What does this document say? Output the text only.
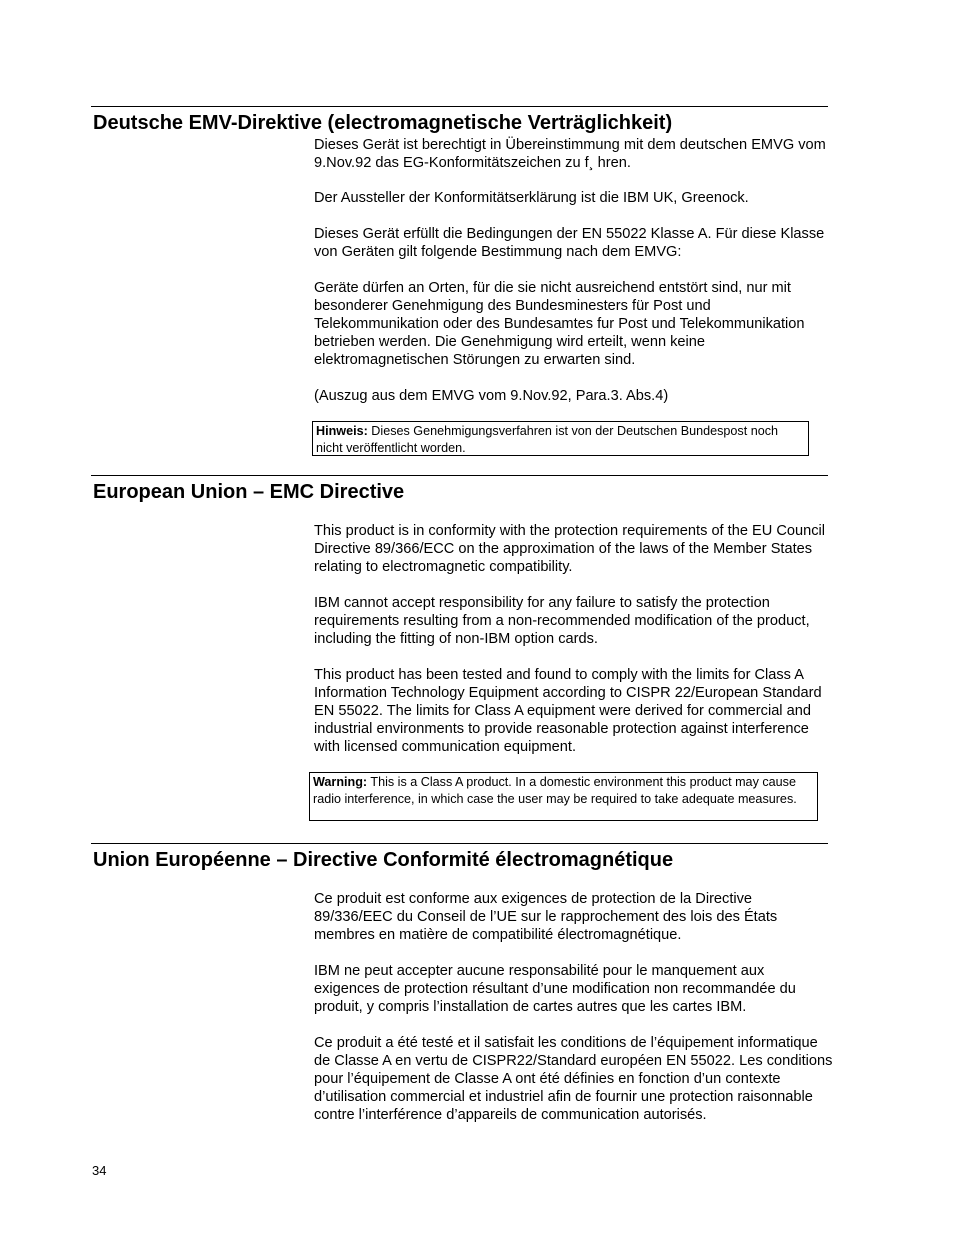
Deutsche EMV-Direktive (electromagnetische Verträglichkeit)

Dieses Gerät ist berechtigt in Übereinstimmung mit dem deutschen EMVG vom 9.Nov.92 das EG-Konformitätszeichen zu f¸ hren.

Der Aussteller der Konformitätserklärung ist die IBM UK, Greenock.

Dieses Gerät erfüllt die Bedingungen der EN 55022 Klasse A. Für diese Klasse von Geräten gilt folgende Bestimmung nach dem EMVG:

Geräte dürfen an Orten, für die sie nicht ausreichend entstört sind, nur mit besonderer Genehmigung des Bundesminesters für Post und Telekommunikation oder des Bundesamtes fur Post und Telekommunikation betrieben werden. Die Genehmigung wird erteilt, wenn keine elektromagnetischen Störungen zu erwarten sind.

(Auszug aus dem EMVG vom 9.Nov.92, Para.3. Abs.4)

Hinweis: Dieses Genehmigungsverfahren ist von der Deutschen Bundespost noch nicht veröffentlicht worden.
European Union – EMC Directive

This product is in conformity with the protection requirements of the EU Council Directive 89/366/ECC on the approximation of the laws of the Member States relating to electromagnetic compatibility.

IBM cannot accept responsibility for any failure to satisfy the protection requirements resulting from a non-recommended modification of the product, including the fitting of non-IBM option cards.

This product has been tested and found to comply with the limits for Class A Information Technology Equipment according to CISPR 22/European Standard EN 55022. The limits for Class A equipment were derived for commercial and industrial environments to provide reasonable protection against interference with licensed communication equipment.

Warning: This is a Class A product. In a domestic environment this product may cause radio interference, in which case the user may be required to take adequate measures.
Union Européenne – Directive Conformité électromagnétique

Ce produit est conforme aux exigences de protection de la Directive 89/336/EEC du Conseil de l’UE sur le rapprochement des lois des États membres en matière de compatibilité électromagnétique.

IBM ne peut accepter aucune responsabilité pour le manquement aux exigences de protection résultant d’une modification non recommandée du produit, y compris l’installation de cartes autres que les cartes IBM.

Ce produit a été testé et il satisfait les conditions de l’équipement informatique de Classe A en vertu de CISPR22/Standard européen EN 55022. Les conditions pour l’équipement de Classe A ont été définies en fonction d’un contexte d’utilisation commercial et industriel afin de fournir une protection raisonnable contre l’interférence d’appareils de communication autorisés.

34
